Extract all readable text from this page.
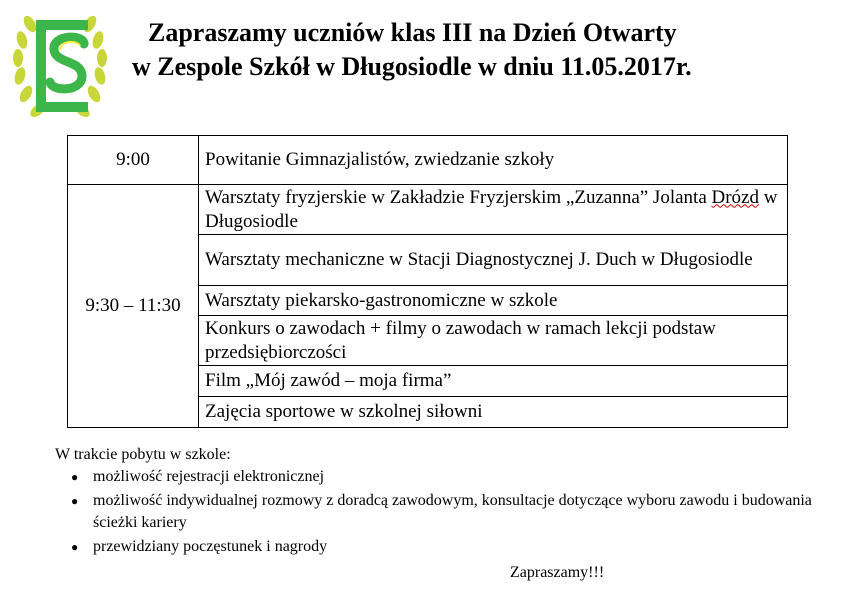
Zapraszamy uczniów klas III na Dzień Otwarty
w Zespole Szkół w Długosiodle w dniu 11.05.2017r.
9:00	Powitanie Gimnazjalistów, zwiedzanie szkoły
9:30 – 11:30	Warsztaty fryzjerskie w Zakładzie Fryzjerskim „Zuzanna” Jolanta Drózd w Długosiodle
	Warsztaty mechaniczne w Stacji Diagnostycznej J. Duch w Długosiodle
	Warsztaty piekarsko-gastronomiczne w szkole
	Konkurs o zawodach + filmy o zawodach w ramach lekcji podstaw przedsiębiorczości
	Film „Mój zawód – moja firma”
	Zajęcia sportowe w szkolnej siłowni
W trakcie pobytu w szkole:
● możliwość rejestracji elektronicznej
● możliwość indywidualnej rozmowy z doradcą zawodowym, konsultacje dotyczące wyboru zawodu i budowania ścieżki kariery
● przewidziany poczęstunek i nagrody
Zapraszamy!!!
